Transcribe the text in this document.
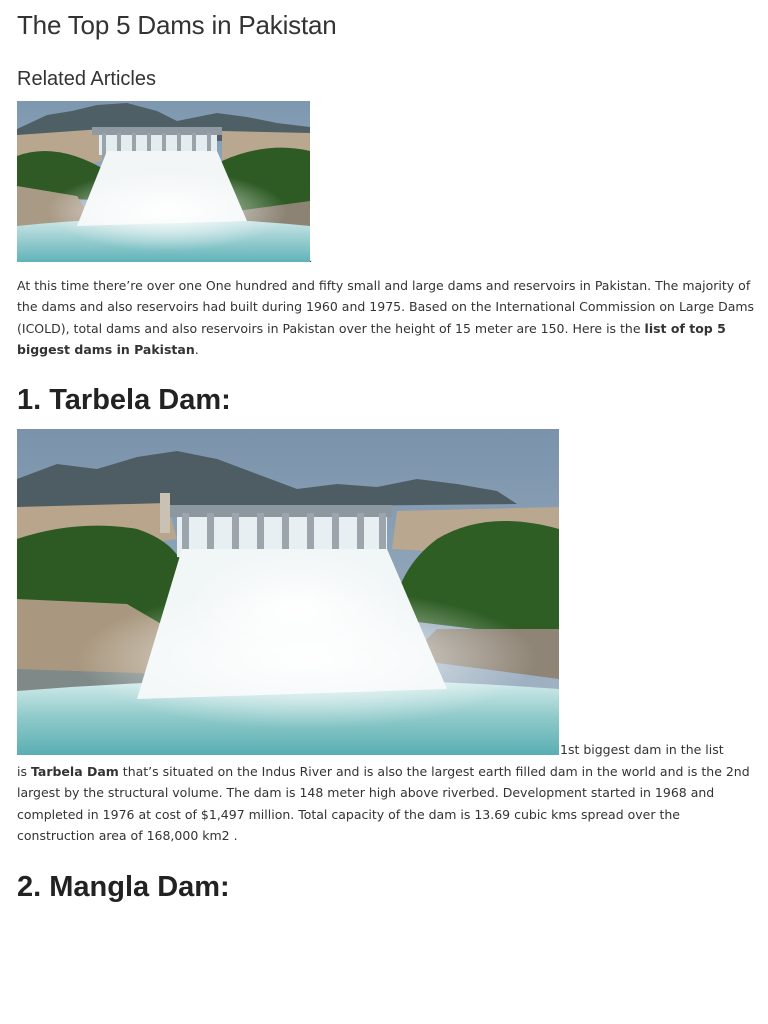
The Top 5 Dams in Pakistan
Related Articles
.

At this time there’re over one One hundred and fifty small and large dams and reservoirs in Pakistan. The majority of the dams and also reservoirs had built during 1960 and 1975. Based on the International Commission on Large Dams (ICOLD), total dams and also reservoirs in Pakistan over the height of 15 meter are 150. Here is the list of top 5 biggest dams in Pakistan.

1. Tarbela Dam:
1st biggest dam in the list

is Tarbela Dam that’s situated on the Indus River and is also the largest earth filled dam in the world and is the 2nd largest by the structural volume. The dam is 148 meter high above riverbed. Development started in 1968 and completed in 1976 at cost of $1,497 million. Total capacity of the dam is 13.69 cubic kms spread over the construction area of 168,000 km2 .

2. Mangla Dam:
